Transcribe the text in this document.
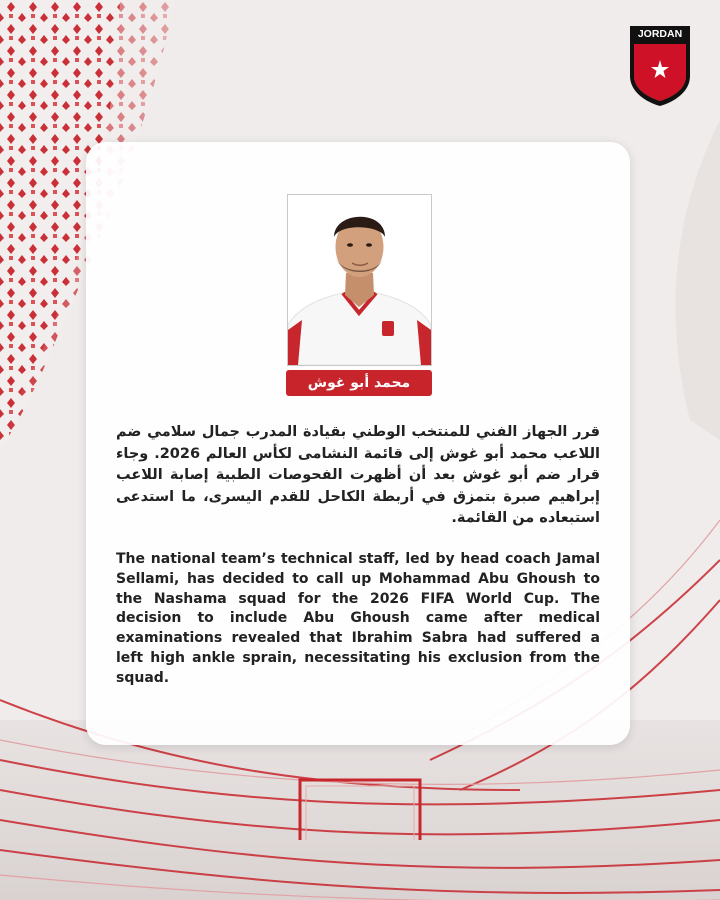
JORDAN
محمد أبو غوش
قرر الجهاز الفني للمنتخب الوطني بقيادة المدرب جمال سلامي ضم اللاعب محمد أبو غوش إلى قائمة النشامى لكأس العالم 2026. وجاء قرار ضم أبو غوش بعد أن أظهرت الفحوصات الطبية إصابة اللاعب إبراهيم صبرة بتمزق في أربطة الكاحل للقدم اليسرى، ما استدعى استبعاده من القائمة.
The national team’s technical staff, led by head coach Jamal Sellami, has decided to call up Mohammad Abu Ghoush to the Nashama squad for the 2026 FIFA World Cup. The decision to include Abu Ghoush came after medical examinations revealed that Ibrahim Sabra had suffered a left high ankle sprain, necessitating his exclusion from the squad.
